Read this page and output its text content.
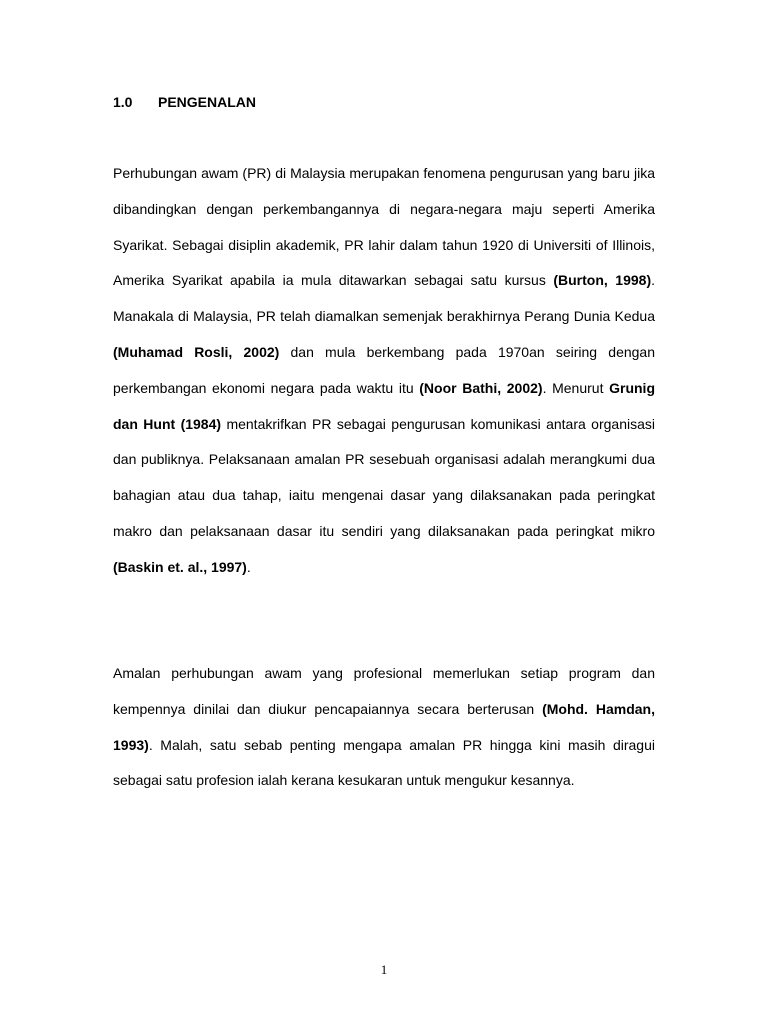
1.0 PENGENALAN

Perhubungan awam (PR) di Malaysia merupakan fenomena pengurusan yang baru jika dibandingkan dengan perkembangannya di negara-negara maju seperti Amerika Syarikat. Sebagai disiplin akademik, PR lahir dalam tahun 1920 di Universiti of Illinois, Amerika Syarikat apabila ia mula ditawarkan sebagai satu kursus (Burton, 1998). Manakala di Malaysia, PR telah diamalkan semenjak berakhirnya Perang Dunia Kedua (Muhamad Rosli, 2002) dan mula berkembang pada 1970an seiring dengan perkembangan ekonomi negara pada waktu itu (Noor Bathi, 2002). Menurut Grunig dan Hunt (1984) mentakrifkan PR sebagai pengurusan komunikasi antara organisasi dan publiknya. Pelaksanaan amalan PR sesebuah organisasi adalah merangkumi dua bahagian atau dua tahap, iaitu mengenai dasar yang dilaksanakan pada peringkat makro dan pelaksanaan dasar itu sendiri yang dilaksanakan pada peringkat mikro (Baskin et. al., 1997).

Amalan perhubungan awam yang profesional memerlukan setiap program dan kempennya dinilai dan diukur pencapaiannya secara berterusan (Mohd. Hamdan, 1993). Malah, satu sebab penting mengapa amalan PR hingga kini masih diragui sebagai satu profesion ialah kerana kesukaran untuk mengukur kesannya.

1
